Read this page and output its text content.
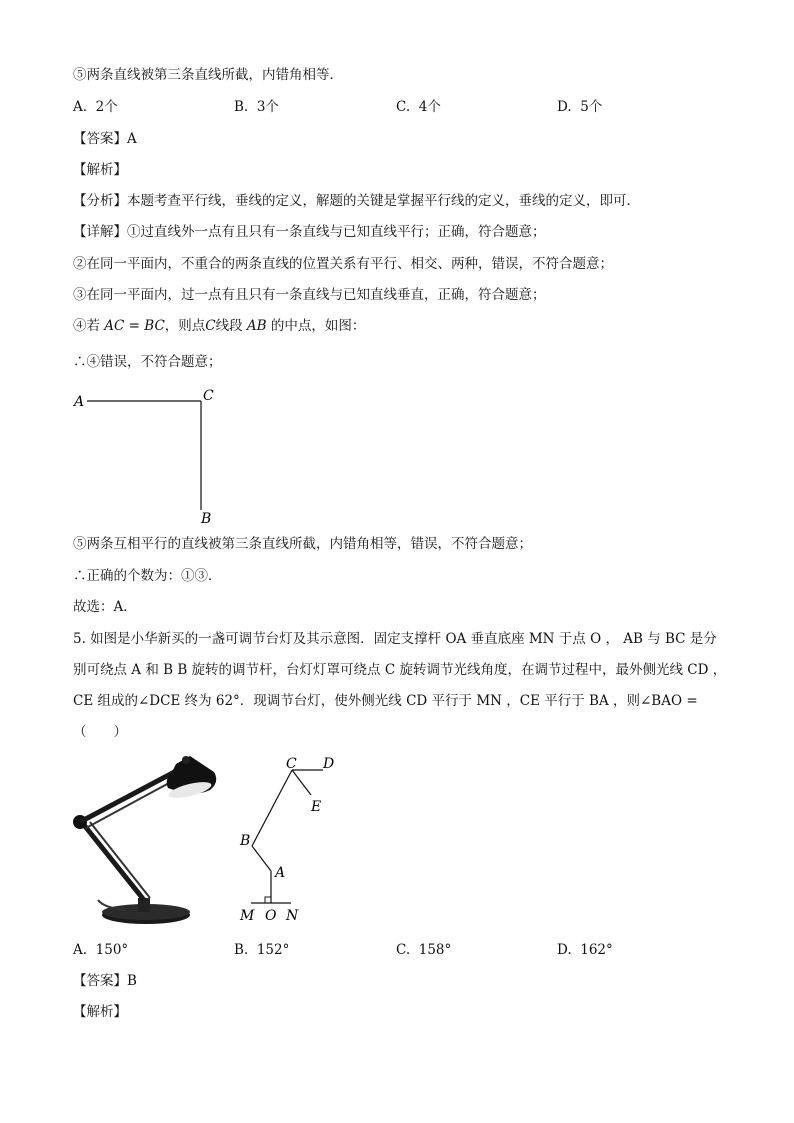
⑤两条直线被第三条直线所截，内错角相等．
A. 2个	B. 3个	C. 4个	D. 5个
【答案】A
【解析】
【分析】本题考查平行线，垂线的定义，解题的关键是掌握平行线的定义，垂线的定义，即可．
【详解】①过直线外一点有且只有一条直线与已知直线平行；正确，符合题意；
②在同一平面内，不重合的两条直线的位置关系有平行、相交、两种，错误，不符合题意；
③在同一平面内，过一点有且只有一条直线与已知直线垂直，正确，符合题意；
④若 AC = BC，则点C线段 AB 的中点，如图：
∴④错误，不符合题意；
A	C
B
⑤两条互相平行的直线被第三条直线所截，内错角相等，错误，不符合题意；
∴正确的个数为：①③．
故选：A．
5. 如图是小华新买的一盏可调节台灯及其示意图．固定支撑杆 OA 垂直底座 MN 于点 O ， AB 与 BC 是分
别可绕点 A 和 B B 旋转的调节杆，台灯灯罩可绕点 C 旋转调节光线角度，在调节过程中，最外侧光线 CD ，
CE 组成的∠DCE 终为 62°．现调节台灯，使外侧光线 CD 平行于 MN ，CE 平行于 BA ，则∠BAO =
（　　）
C D
E
B
A
M O N
A. 150°	B. 152°	C. 158°	D. 162°
【答案】B
【解析】
